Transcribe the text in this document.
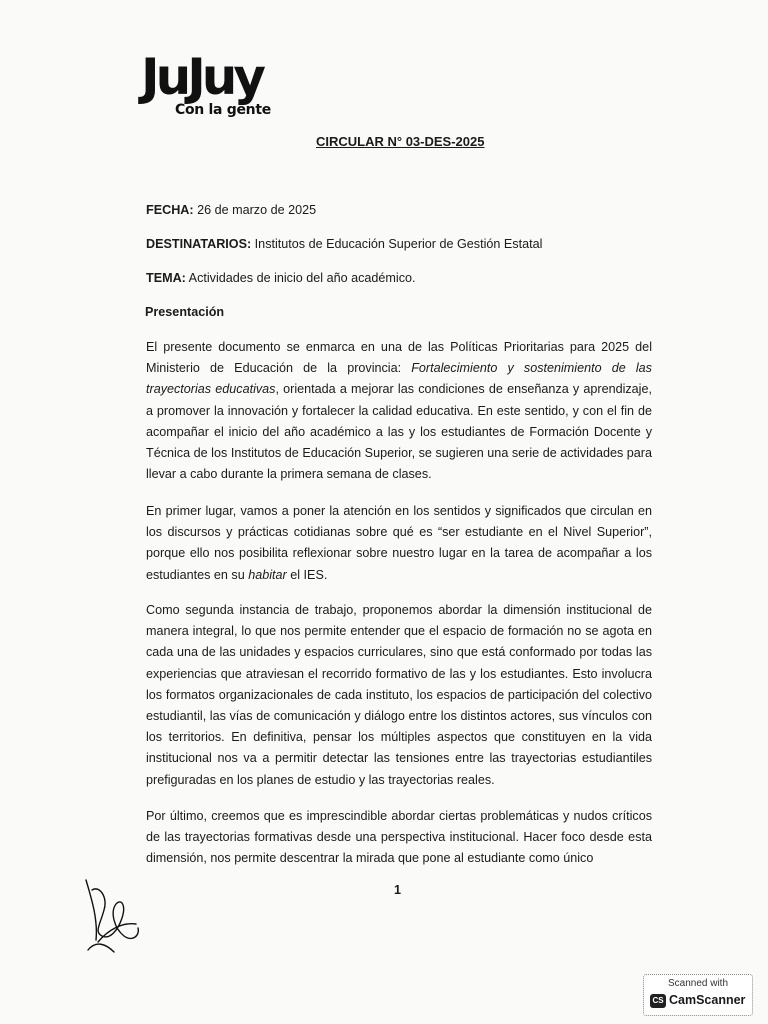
JuJuy
Con la gente
CIRCULAR N° 03-DES-2025
FECHA: 26 de marzo de 2025
DESTINATARIOS: Institutos de Educación Superior de Gestión Estatal
TEMA: Actividades de inicio del año académico.
Presentación
El presente documento se enmarca en una de las Políticas Prioritarias para 2025 del Ministerio de Educación de la provincia: Fortalecimiento y sostenimiento de las trayectorias educativas, orientada a mejorar las condiciones de enseñanza y aprendizaje, a promover la innovación y fortalecer la calidad educativa. En este sentido, y con el fin de acompañar el inicio del año académico a las y los estudiantes de Formación Docente y Técnica de los Institutos de Educación Superior, se sugieren una serie de actividades para llevar a cabo durante la primera semana de clases.
En primer lugar, vamos a poner la atención en los sentidos y significados que circulan en los discursos y prácticas cotidianas sobre qué es “ser estudiante en el Nivel Superior”, porque ello nos posibilita reflexionar sobre nuestro lugar en la tarea de acompañar a los estudiantes en su habitar el IES.
Como segunda instancia de trabajo, proponemos abordar la dimensión institucional de manera integral, lo que nos permite entender que el espacio de formación no se agota en cada una de las unidades y espacios curriculares, sino que está conformado por todas las experiencias que atraviesan el recorrido formativo de las y los estudiantes. Esto involucra los formatos organizacionales de cada instituto, los espacios de participación del colectivo estudiantil, las vías de comunicación y diálogo entre los distintos actores, sus vínculos con los territorios. En definitiva, pensar los múltiples aspectos que constituyen en la vida institucional nos va a permitir detectar las tensiones entre las trayectorias estudiantiles prefiguradas en los planes de estudio y las trayectorias reales.
Por último, creemos que es imprescindible abordar ciertas problemáticas y nudos críticos de las trayectorias formativas desde una perspectiva institucional. Hacer foco desde esta dimensión, nos permite descentrar la mirada que pone al estudiante como único
1
Scanned with
CS CamScanner
